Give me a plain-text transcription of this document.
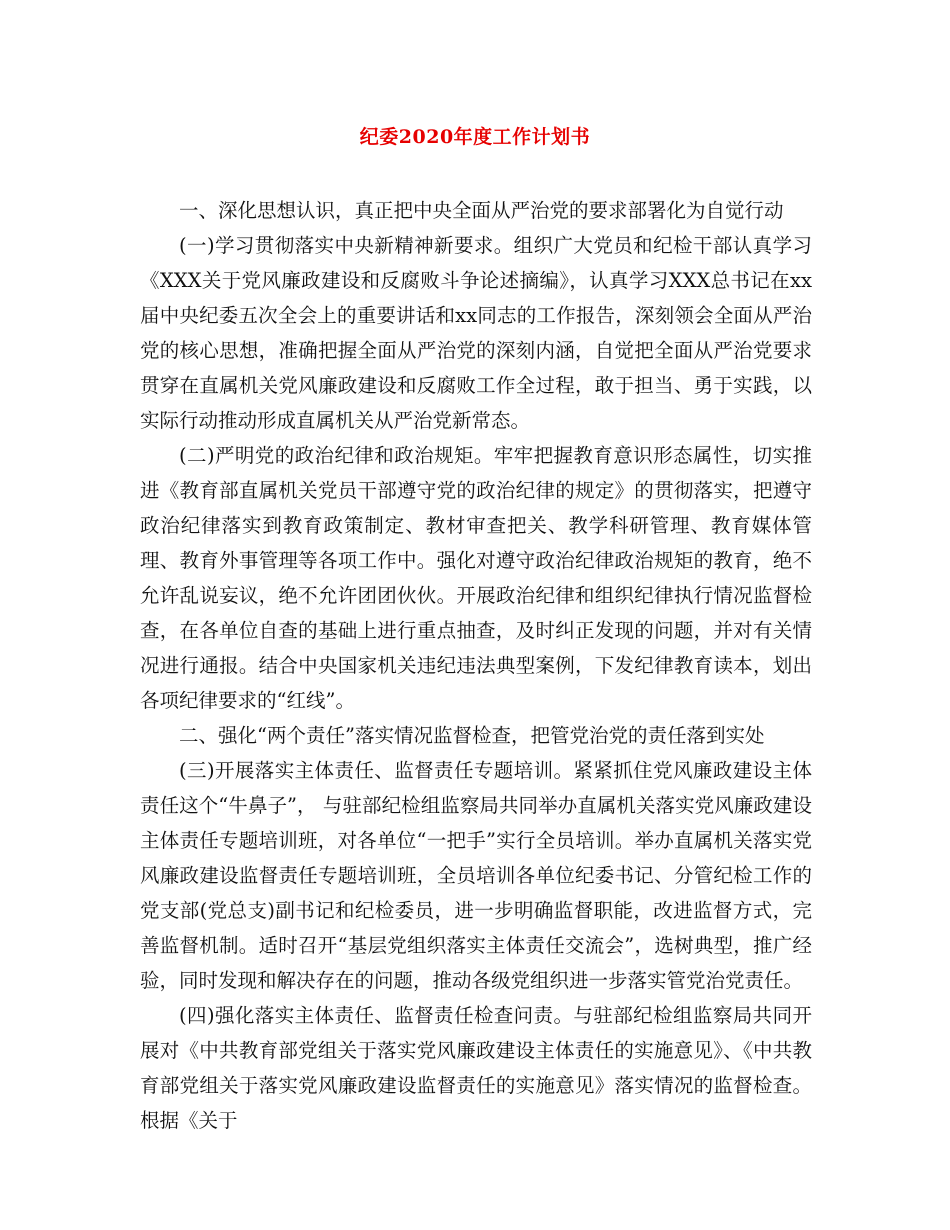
纪委2020年度工作计划书

一、深化思想认识，真正把中央全面从严治党的要求部署化为自觉行动

(一)学习贯彻落实中央新精神新要求。组织广大党员和纪检干部认真学习《XXX关于党风廉政建设和反腐败斗争论述摘编》，认真学习XXX总书记在xx届中央纪委五次全会上的重要讲话和xx同志的工作报告，深刻领会全面从严治党的核心思想，准确把握全面从严治党的深刻内涵，自觉把全面从严治党要求贯穿在直属机关党风廉政建设和反腐败工作全过程，敢于担当、勇于实践，以实际行动推动形成直属机关从严治党新常态。

(二)严明党的政治纪律和政治规矩。牢牢把握教育意识形态属性，切实推进《教育部直属机关党员干部遵守党的政治纪律的规定》的贯彻落实，把遵守政治纪律落实到教育政策制定、教材审查把关、教学科研管理、教育媒体管理、教育外事管理等各项工作中。强化对遵守政治纪律政治规矩的教育，绝不允许乱说妄议，绝不允许团团伙伙。开展政治纪律和组织纪律执行情况监督检查，在各单位自查的基础上进行重点抽查，及时纠正发现的问题，并对有关情况进行通报。结合中央国家机关违纪违法典型案例，下发纪律教育读本，划出各项纪律要求的“红线”。

二、强化“两个责任”落实情况监督检查，把管党治党的责任落到实处

(三)开展落实主体责任、监督责任专题培训。紧紧抓住党风廉政建设主体责任这个“牛鼻子”， 与驻部纪检组监察局共同举办直属机关落实党风廉政建设主体责任专题培训班，对各单位“一把手”实行全员培训。举办直属机关落实党风廉政建设监督责任专题培训班，全员培训各单位纪委书记、分管纪检工作的党支部(党总支)副书记和纪检委员，进一步明确监督职能，改进监督方式，完善监督机制。适时召开“基层党组织落实主体责任交流会”，选树典型，推广经验，同时发现和解决存在的问题，推动各级党组织进一步落实管党治党责任。

(四)强化落实主体责任、监督责任检查问责。与驻部纪检组监察局共同开展对《中共教育部党组关于落实党风廉政建设主体责任的实施意见》、《中共教育部党组关于落实党风廉政建设监督责任的实施意见》落实情况的监督检查。根据《关于
